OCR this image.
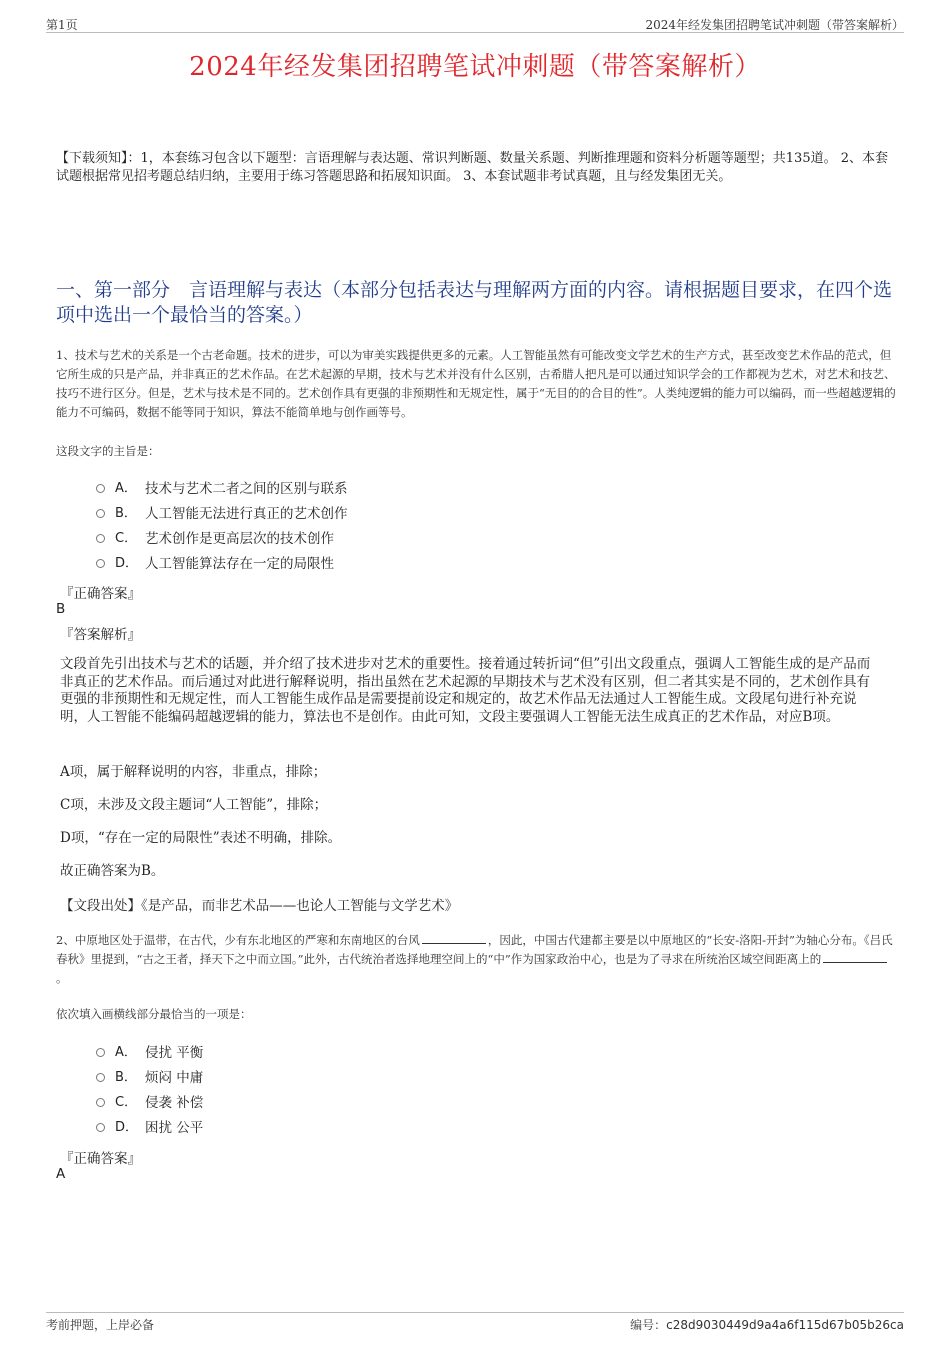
第1页	2024年经发集团招聘笔试冲刺题（带答案解析）
2024年经发集团招聘笔试冲刺题（带答案解析）
【下载须知】：1，本套练习包含以下题型：言语理解与表达题、常识判断题、数量关系题、判断推理题和资料分析题等题型；共135道。 2、本套试题根据常见招考题总结归纳，主要用于练习答题思路和拓展知识面。 3、本套试题非考试真题，且与经发集团无关。
一、第一部分　言语理解与表达（本部分包括表达与理解两方面的内容。请根据题目要求，在四个选项中选出一个最恰当的答案。）
1、技术与艺术的关系是一个古老命题。技术的进步，可以为审美实践提供更多的元素。人工智能虽然有可能改变文学艺术的生产方式，甚至改变艺术作品的范式，但它所生成的只是产品，并非真正的艺术作品。在艺术起源的早期，技术与艺术并没有什么区别，古希腊人把凡是可以通过知识学会的工作都视为艺术，对艺术和技艺、技巧不进行区分。但是，艺术与技术是不同的。艺术创作具有更强的非预期性和无规定性，属于“无目的的合目的性”。人类纯逻辑的能力可以编码，而一些超越逻辑的能力不可编码，数据不能等同于知识，算法不能简单地与创作画等号。
这段文字的主旨是：
A． 技术与艺术二者之间的区别与联系
B． 人工智能无法进行真正的艺术创作
C． 艺术创作是更高层次的技术创作
D． 人工智能算法存在一定的局限性
『正确答案』
B
『答案解析』
文段首先引出技术与艺术的话题，并介绍了技术进步对艺术的重要性。接着通过转折词“但”引出文段重点，强调人工智能生成的是产品而非真正的艺术作品。而后通过对此进行解释说明，指出虽然在艺术起源的早期技术与艺术没有区别，但二者其实是不同的，艺术创作具有更强的非预期性和无规定性，而人工智能生成作品是需要提前设定和规定的，故艺术作品无法通过人工智能生成。文段尾句进行补充说明，人工智能不能编码超越逻辑的能力，算法也不是创作。由此可知，文段主要强调人工智能无法生成真正的艺术作品，对应B项。
A项，属于解释说明的内容，非重点，排除；
C项，未涉及文段主题词“人工智能”，排除；
D项，“存在一定的局限性”表述不明确，排除。
故正确答案为B。
【文段出处】《是产品，而非艺术品——也论人工智能与文学艺术》
2、中原地区处于温带，在古代，少有东北地区的严寒和东南地区的台风	，因此，中国古代建都主要是以中原地区的“长安-洛阳-开封”为轴心分布。《吕氏春秋》里提到，“古之王者，择天下之中而立国。”此外，古代统治者选择地理空间上的“中”作为国家政治中心，也是为了寻求在所统治区域空间距离上的。
依次填入画横线部分最恰当的一项是：
A． 侵扰 平衡
B． 烦闷 中庸
C． 侵袭 补偿
D． 困扰 公平
『正确答案』
A
考前押题，上岸必备	编号：c28d9030449d9a4a6f115d67b05b26ca
